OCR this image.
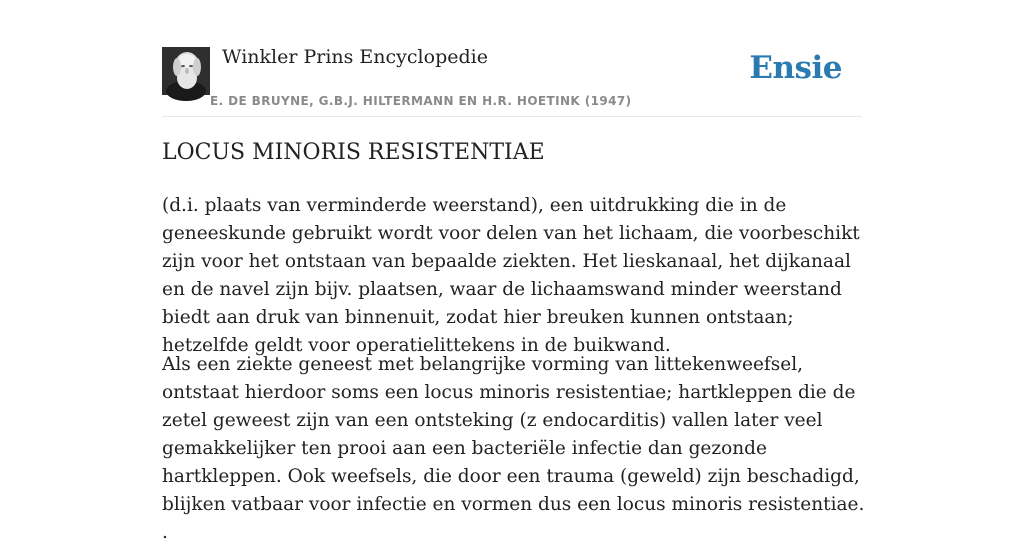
Winkler Prins Encyclopedie
E. DE BRUYNE, G.B.J. HILTERMANN EN H.R. HOETINK (1947)
Ensie
LOCUS MINORIS RESISTENTIAE

(d.i. plaats van verminderde weerstand), een uitdrukking die in de geneeskunde gebruikt wordt voor delen van het lichaam, die voorbeschikt zijn voor het ontstaan van bepaalde ziekten. Het lieskanaal, het dijkanaal en de navel zijn bijv. plaatsen, waar de lichaamswand minder weerstand biedt aan druk van binnenuit, zodat hier breuken kunnen ontstaan; hetzelfde geldt voor operatielittekens in de buikwand.

Als een ziekte geneest met belangrijke vorming van littekenweefsel, ontstaat hierdoor soms een locus minoris resistentiae; hartkleppen die de zetel geweest zijn van een ontsteking (z endocarditis) vallen later veel gemakkelijker ten prooi aan een bacteriële infectie dan gezonde hartkleppen. Ook weefsels, die door een trauma (geweld) zijn beschadigd, blijken vatbaar voor infectie en vormen dus een locus minoris resistentiae. .
